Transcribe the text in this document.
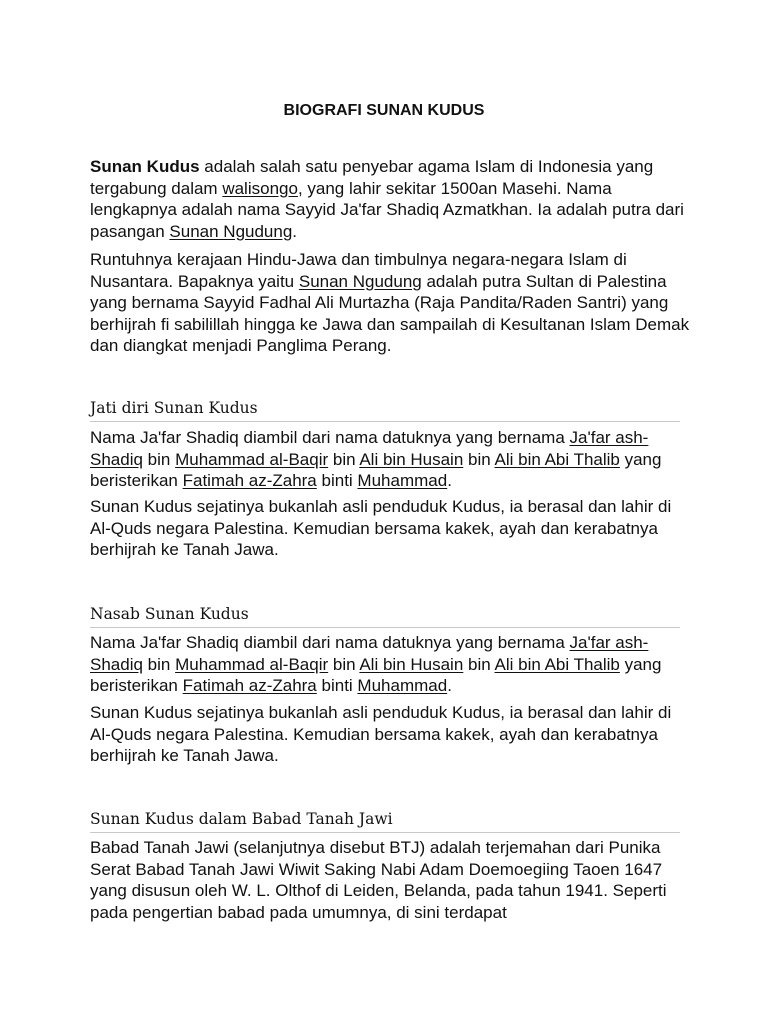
BIOGRAFI SUNAN KUDUS

Sunan Kudus adalah salah satu penyebar agama Islam di Indonesia yang tergabung dalam walisongo, yang lahir sekitar 1500an Masehi. Nama lengkapnya adalah nama Sayyid Ja'far Shadiq Azmatkhan. Ia adalah putra dari pasangan Sunan Ngudung.

Runtuhnya kerajaan Hindu-Jawa dan timbulnya negara-negara Islam di Nusantara. Bapaknya yaitu Sunan Ngudung adalah putra Sultan di Palestina yang bernama Sayyid Fadhal Ali Murtazha (Raja Pandita/Raden Santri) yang berhijrah fi sabilillah hingga ke Jawa dan sampailah di Kesultanan Islam Demak dan diangkat menjadi Panglima Perang.

Jati diri Sunan Kudus

Nama Ja'far Shadiq diambil dari nama datuknya yang bernama Ja'far ash-Shadiq bin Muhammad al-Baqir bin Ali bin Husain bin Ali bin Abi Thalib yang beristerikan Fatimah az-Zahra binti Muhammad.

Sunan Kudus sejatinya bukanlah asli penduduk Kudus, ia berasal dan lahir di Al-Quds negara Palestina. Kemudian bersama kakek, ayah dan kerabatnya berhijrah ke Tanah Jawa.

Nasab Sunan Kudus

Nama Ja'far Shadiq diambil dari nama datuknya yang bernama Ja'far ash-Shadiq bin Muhammad al-Baqir bin Ali bin Husain bin Ali bin Abi Thalib yang beristerikan Fatimah az-Zahra binti Muhammad.

Sunan Kudus sejatinya bukanlah asli penduduk Kudus, ia berasal dan lahir di Al-Quds negara Palestina. Kemudian bersama kakek, ayah dan kerabatnya berhijrah ke Tanah Jawa.

Sunan Kudus dalam Babad Tanah Jawi

Babad Tanah Jawi (selanjutnya disebut BTJ) adalah terjemahan dari Punika Serat Babad Tanah Jawi Wiwit Saking Nabi Adam Doemoegiing Taoen 1647 yang disusun oleh W. L. Olthof di Leiden, Belanda, pada tahun 1941. Seperti pada pengertian babad pada umumnya, di sini terdapat
